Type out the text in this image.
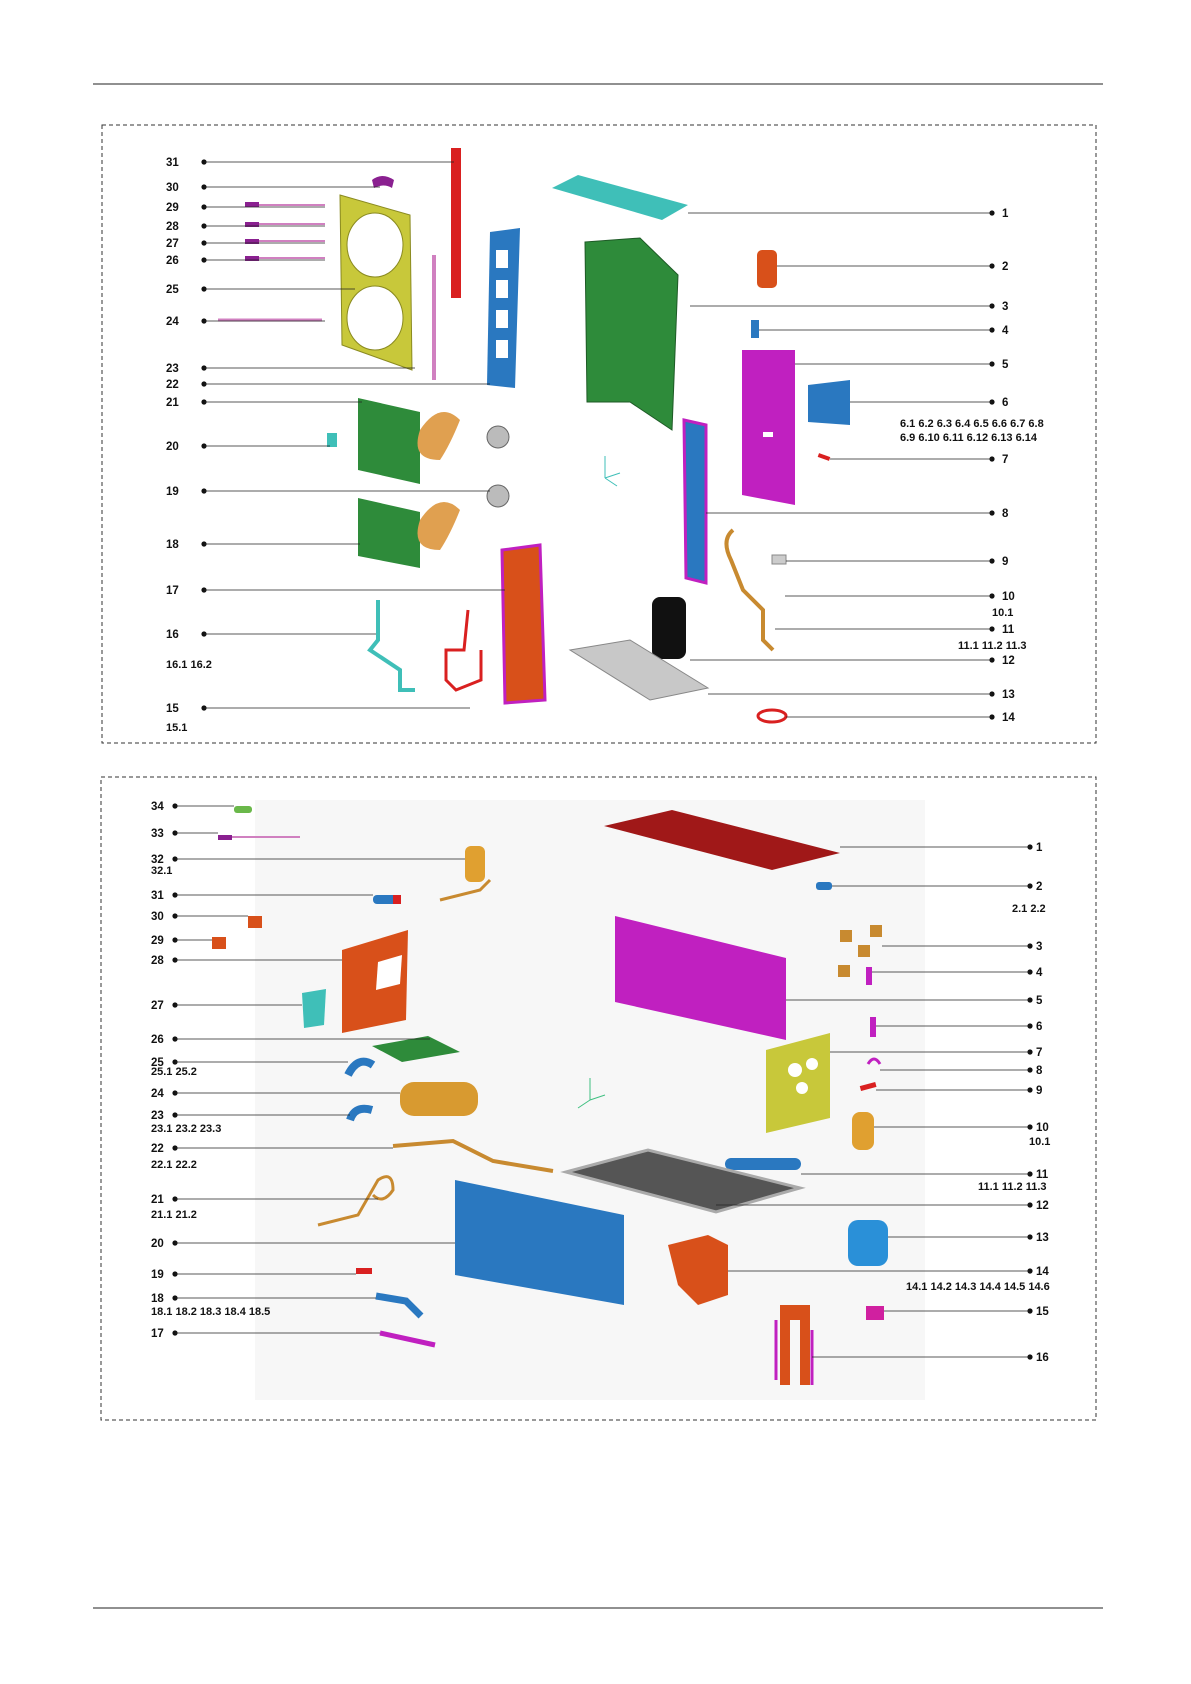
31
30
29
28
27
26
25
24
23
22
21
20
19
18
17
16
15
1
2
3
4
5
6
7
8
9
10
11
12
13
14
16.1 16.2
15.1
6.1 6.2 6.3 6.4 6.5 6.6 6.7 6.8
6.9 6.10 6.11 6.12 6.13 6.14
10.1
11.1 11.2 11.3
34
33
32
31
30
29
28
27
26
25
24
23
22
21
20
19
18
17
1
2
3
4
5
6
7
8
9
10
11
12
13
14
15
16
32.1
25.1 25.2
23.1 23.2 23.3
22.1 22.2
21.1 21.2
18.1 18.2 18.3 18.4 18.5
2.1 2.2
10.1
11.1 11.2 11.3
14.1 14.2 14.3 14.4 14.5 14.6
